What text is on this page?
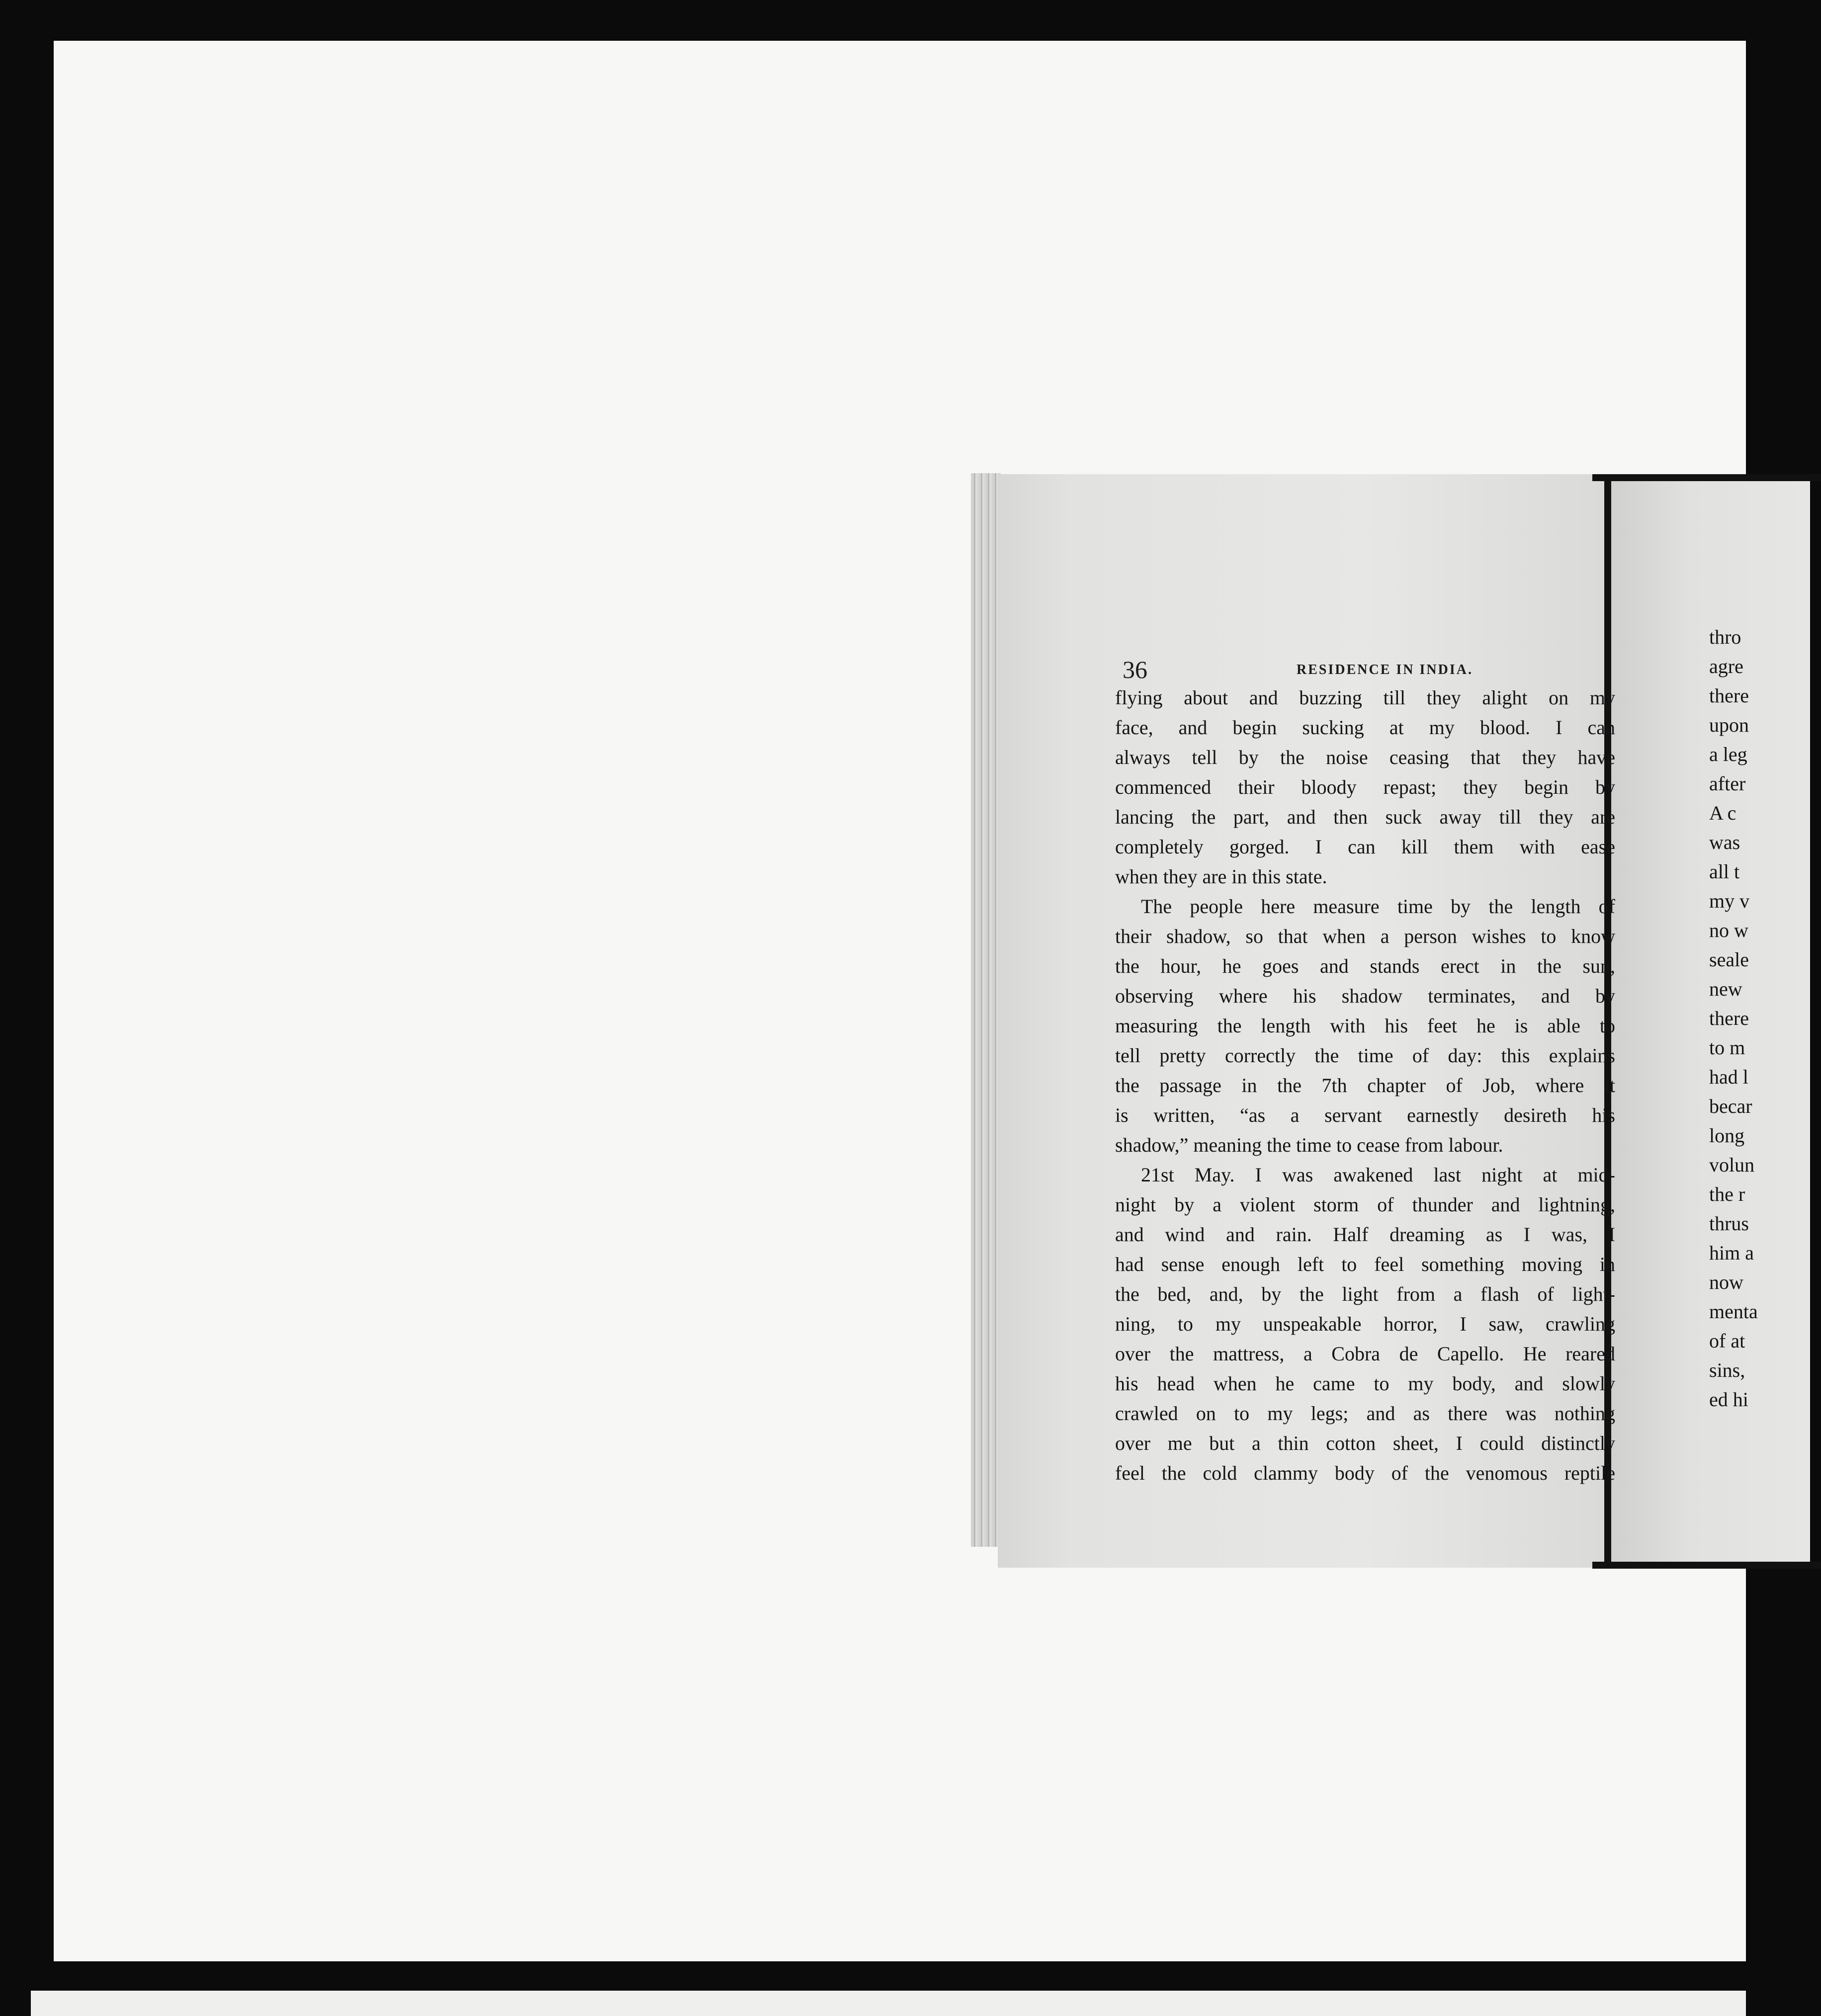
36	RESIDENCE IN INDIA.
flying about and buzzing till they alight on my
face, and begin sucking at my blood. I can
always tell by the noise ceasing that they have
commenced their bloody repast; they begin by
lancing the part, and then suck away till they are
completely gorged. I can kill them with ease
when they are in this state.
The people here measure time by the length of
their shadow, so that when a person wishes to know
the hour, he goes and stands erect in the sun,
observing where his shadow terminates, and by
measuring the length with his feet he is able to
tell pretty correctly the time of day: this explains
the passage in the 7th chapter of Job, where it
is written, “as a servant earnestly desireth his
shadow,” meaning the time to cease from labour.
21st May. I was awakened last night at mid-
night by a violent storm of thunder and lightning,
and wind and rain. Half dreaming as I was, I
had sense enough left to feel something moving in
the bed, and, by the light from a flash of light-
ning, to my unspeakable horror, I saw, crawling
over the mattress, a Cobra de Capello. He reared
his head when he came to my body, and slowly
crawled on to my legs; and as there was nothing
over me but a thin cotton sheet, I could distinctly
feel the cold clammy body of the venomous reptile
thro
agre
there
upon
a leg
after
A c
was
all t
my v
no w
seale
new
there
to m
had l
becar
long
volun
the r
thrus
him a
now
menta
of at
sins,
ed hi
